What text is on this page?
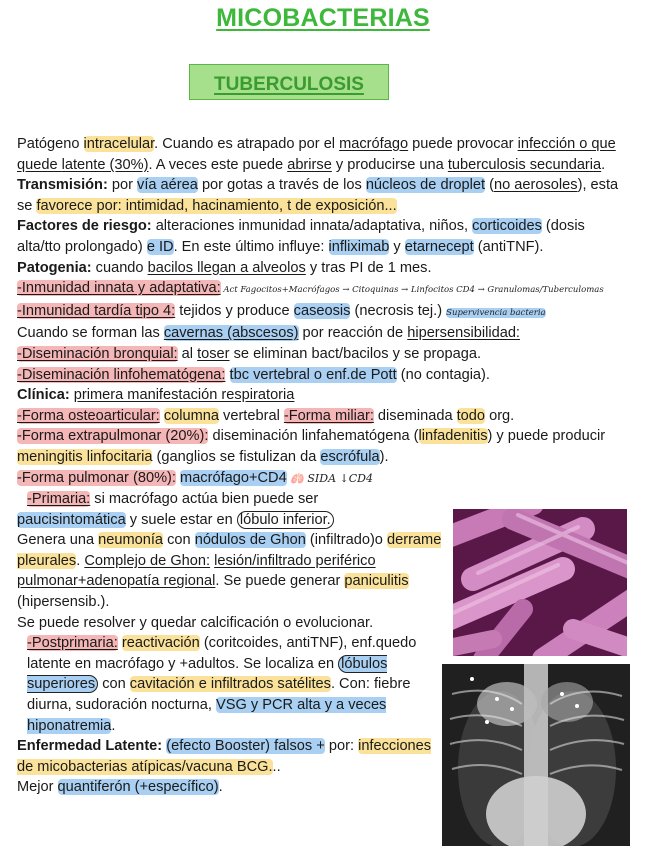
MICOBACTERIAS
TUBERCULOSIS

Patógeno intracelular. Cuando es atrapado por el macrófago puede provocar infección o que quede latente (30%). A veces este puede abrirse y producirse una tuberculosis secundaria.

Transmisión: por vía aérea por gotas a través de los núcleos de droplet (no aerosoles), esta se favorece por: intimidad, hacinamiento, t de exposición...

Factores de riesgo: alteraciones inmunidad innata/adaptativa, niños, corticoides (dosis alta/tto prolongado) e ID. En este último influye: infliximab y etarnecept (antiTNF).

Patogenia: cuando bacilos llegan a alveolos y tras PI de 1 mes.

-Inmunidad innata y adaptativa: Act Fagocitos+Macrófagos → Citoquinas → Linfocitos CD4 → Granulomas/Tuberculomas

-Inmunidad tardía tipo 4: tejidos y produce caseosis (necrosis tej.) Supervivencia bacteria

Cuando se forman las cavernas (abscesos) por reacción de hipersensibilidad:

-Diseminación bronquial: al toser se eliminan bact/bacilos y se propaga.

-Diseminación linfohematógena: tbc vertebral o enf.de Pott (no contagia).

Clínica: primera manifestación respiratoria

-Forma osteoarticular: columna vertebral -Forma miliar: diseminada todo org.

-Forma extrapulmonar (20%): diseminación linfahematógena (linfadenitis) y puede producir meningitis linfocitaria (ganglios se fistulizan da escrófula).

-Forma pulmonar (80%): macrófago+CD4 🫁 SIDA ↓CD4

-Primaria: si macrófago actúa bien puede ser

paucisintomática y suele estar en lóbulo inferior.
Genera una neumonía con nódulos de Ghon (infiltrado)o derrame pleurales. Complejo de Ghon: lesión/infiltrado periférico pulmonar+adenopatía regional. Se puede generar paniculitis (hipersensib.).
Se puede resolver y quedar calcificación o evolucionar.

-Postprimaria: reactivación (coritcoides, antiTNF), enf.quedo latente en macrófago y +adultos. Se localiza en lóbulos superiores con cavitación e infiltrados satélites. Con: fiebre diurna, sudoración nocturna, VSG y PCR alta y a veces hiponatremia.

Enfermedad Latente: (efecto Booster) falsos + por: infecciones de micobacterias atípicas/vacuna BCG...
Mejor quantiferón (+específico).
